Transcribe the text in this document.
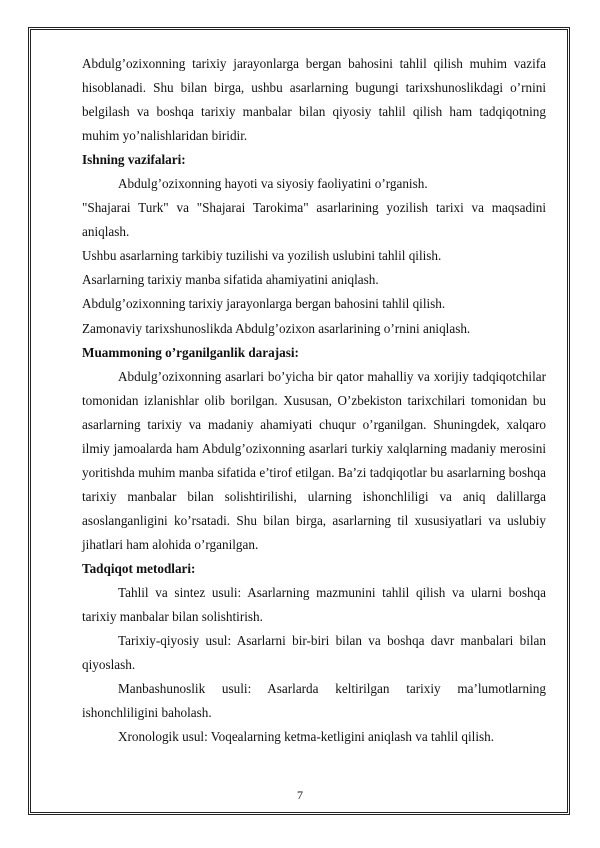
Abdulg’ozixonning tarixiy jarayonlarga bergan bahosini tahlil qilish muhim vazifa hisoblanadi. Shu bilan birga, ushbu asarlarning bugungi tarixshunoslikdagi o’rnini belgilash va boshqa tarixiy manbalar bilan qiyosiy tahlil qilish ham tadqiqotning muhim yo’nalishlaridan biridir.

Ishning vazifalari:

Abdulg’ozixonning hayoti va siyosiy faoliyatini o’rganish.

"Shajarai Turk" va "Shajarai Tarokima" asarlarining yozilish tarixi va maqsadini aniqlash.

Ushbu asarlarning tarkibiy tuzilishi va yozilish uslubini tahlil qilish.

Asarlarning tarixiy manba sifatida ahamiyatini aniqlash.

Abdulg’ozixonning tarixiy jarayonlarga bergan bahosini tahlil qilish.

Zamonaviy tarixshunoslikda Abdulg’ozixon asarlarining o’rnini aniqlash.

Muammoning o’rganilganlik darajasi:

Abdulg’ozixonning asarlari bo’yicha bir qator mahalliy va xorijiy tadqiqotchilar tomonidan izlanishlar olib borilgan. Xususan, O’zbekiston tarixchilari tomonidan bu asarlarning tarixiy va madaniy ahamiyati chuqur o’rganilgan. Shuningdek, xalqaro ilmiy jamoalarda ham Abdulg’ozixonning asarlari turkiy xalqlarning madaniy merosini yoritishda muhim manba sifatida e’tirof etilgan. Ba’zi tadqiqotlar bu asarlarning boshqa tarixiy manbalar bilan solishtirilishi, ularning ishonchliligi va aniq dalillarga asoslanganligini ko’rsatadi. Shu bilan birga, asarlarning til xususiyatlari va uslubiy jihatlari ham alohida o’rganilgan.

Tadqiqot metodlari:

Tahlil va sintez usuli: Asarlarning mazmunini tahlil qilish va ularni boshqa tarixiy manbalar bilan solishtirish.

Tarixiy-qiyosiy usul: Asarlarni bir-biri bilan va boshqa davr manbalari bilan qiyoslash.

Manbashunoslik usuli: Asarlarda keltirilgan tarixiy ma’lumotlarning ishonchliligini baholash.

Xronologik usul: Voqealarning ketma-ketligini aniqlash va tahlil qilish.

7
